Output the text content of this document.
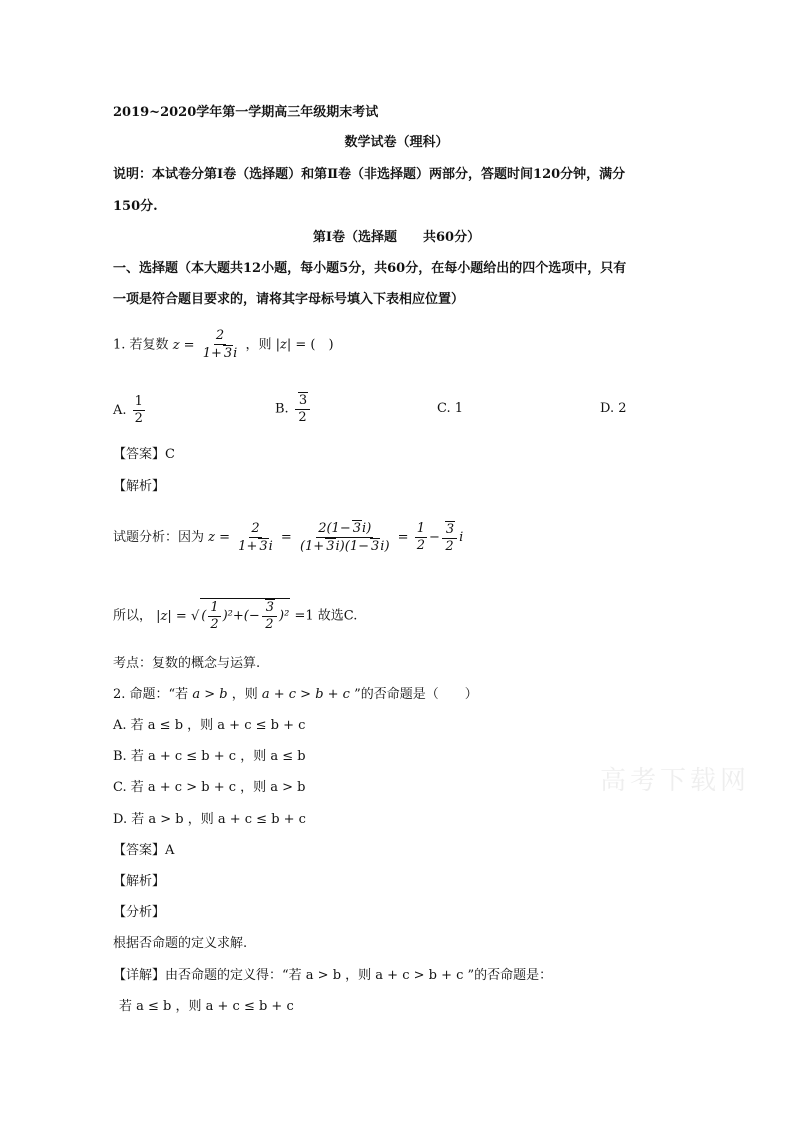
2019~2020学年第一学期高三年级期末考试
数学试卷（理科）
说明：本试卷分第Ⅰ卷（选择题）和第Ⅱ卷（非选择题）两部分，答题时间120分钟，满分
150分.
第Ⅰ卷（选择题　　共60分）
一、选择题（本大题共12小题，每小题5分，共60分，在每小题给出的四个选项中，只有
一项是符合题目要求的，请将其字母标号填入下表相应位置）
1. 若复数 $z = \frac{2}{1+ 3i}$ ，则 |z| = (　)
A. $\frac{1}{2}$	B. $\frac{3}{2}$	C. 1	D. 2
【答案】C
【解析】
试题分析：因为 $z = \frac{2}{1+ 3i} = \frac{2(1- 3i)}{(1+ 3i)(1- 3i)} = \frac{1}{2} - \frac{3}{2}$ i
所以， |z| = √ ( $\frac{1}{2} )^2+(- \frac{3}{2} )^2 =1$ 故选C.
考点：复数的概念与运算.
2. 命题：“若 a > b ，则 a + c > b + c ”的否命题是（　　）
A. 若 a ≤ b ，则 a + c ≤ b + c
B. 若 a + c ≤ b + c ，则 a ≤ b
C. 若 a + c > b + c ，则 a > b
D. 若 a > b ，则 a + c ≤ b + c
【答案】A
【解析】
【分析】
根据否命题的定义求解.
【详解】由否命题的定义得：“若 a > b ，则 a + c > b + c ”的否命题是：
若 a ≤ b ，则 a + c ≤ b + c
高考下载网
